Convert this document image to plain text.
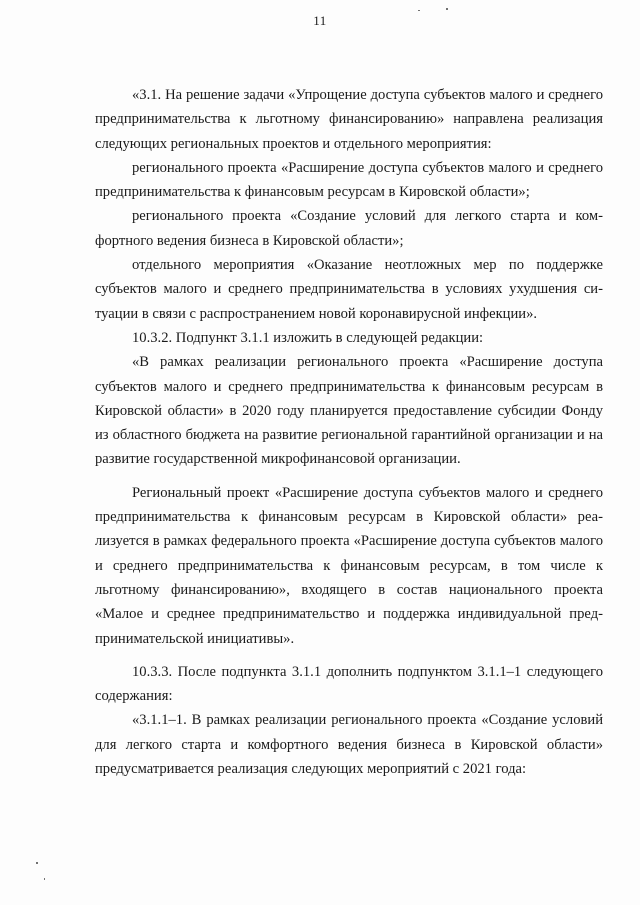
11

«3.1. На решение задачи «Упрощение доступа субъектов малого и среднего предпринимательства к льготному финансированию» направлена реализация следующих региональных проектов и отдельного мероприятия:

регионального проекта «Расширение доступа субъектов малого и среднего предпринимательства к финансовым ресурсам в Кировской области»;

регионального проекта «Создание условий для легкого старта и комфортного ведения бизнеса в Кировской области»;

отдельного мероприятия «Оказание неотложных мер по поддержке субъектов малого и среднего предпринимательства в условиях ухудшения ситуации в связи с распространением новой коронавирусной инфекции».

10.3.2. Подпункт 3.1.1 изложить в следующей редакции:

«В рамках реализации регионального проекта «Расширение доступа субъектов малого и среднего предпринимательства к финансовым ресурсам в Кировской области» в 2020 году планируется предоставление субсидии Фонду из областного бюджета на развитие региональной гарантийной организации и на развитие государственной микрофинансовой организации.

Региональный проект «Расширение доступа субъектов малого и среднего предпринимательства к финансовым ресурсам в Кировской области» реализуется в рамках федерального проекта «Расширение доступа субъектов малого и среднего предпринимательства к финансовым ресурсам, в том числе к льготному финансированию», входящего в состав национального проекта «Малое и среднее предпринимательство и поддержка индивидуальной предпринимательской инициативы».

10.3.3. После подпункта 3.1.1 дополнить подпунктом 3.1.1–1 следующего содержания:

«3.1.1–1. В рамках реализации регионального проекта «Создание условий для легкого старта и комфортного ведения бизнеса в Кировской области» предусматривается реализация следующих мероприятий с 2021 года:
